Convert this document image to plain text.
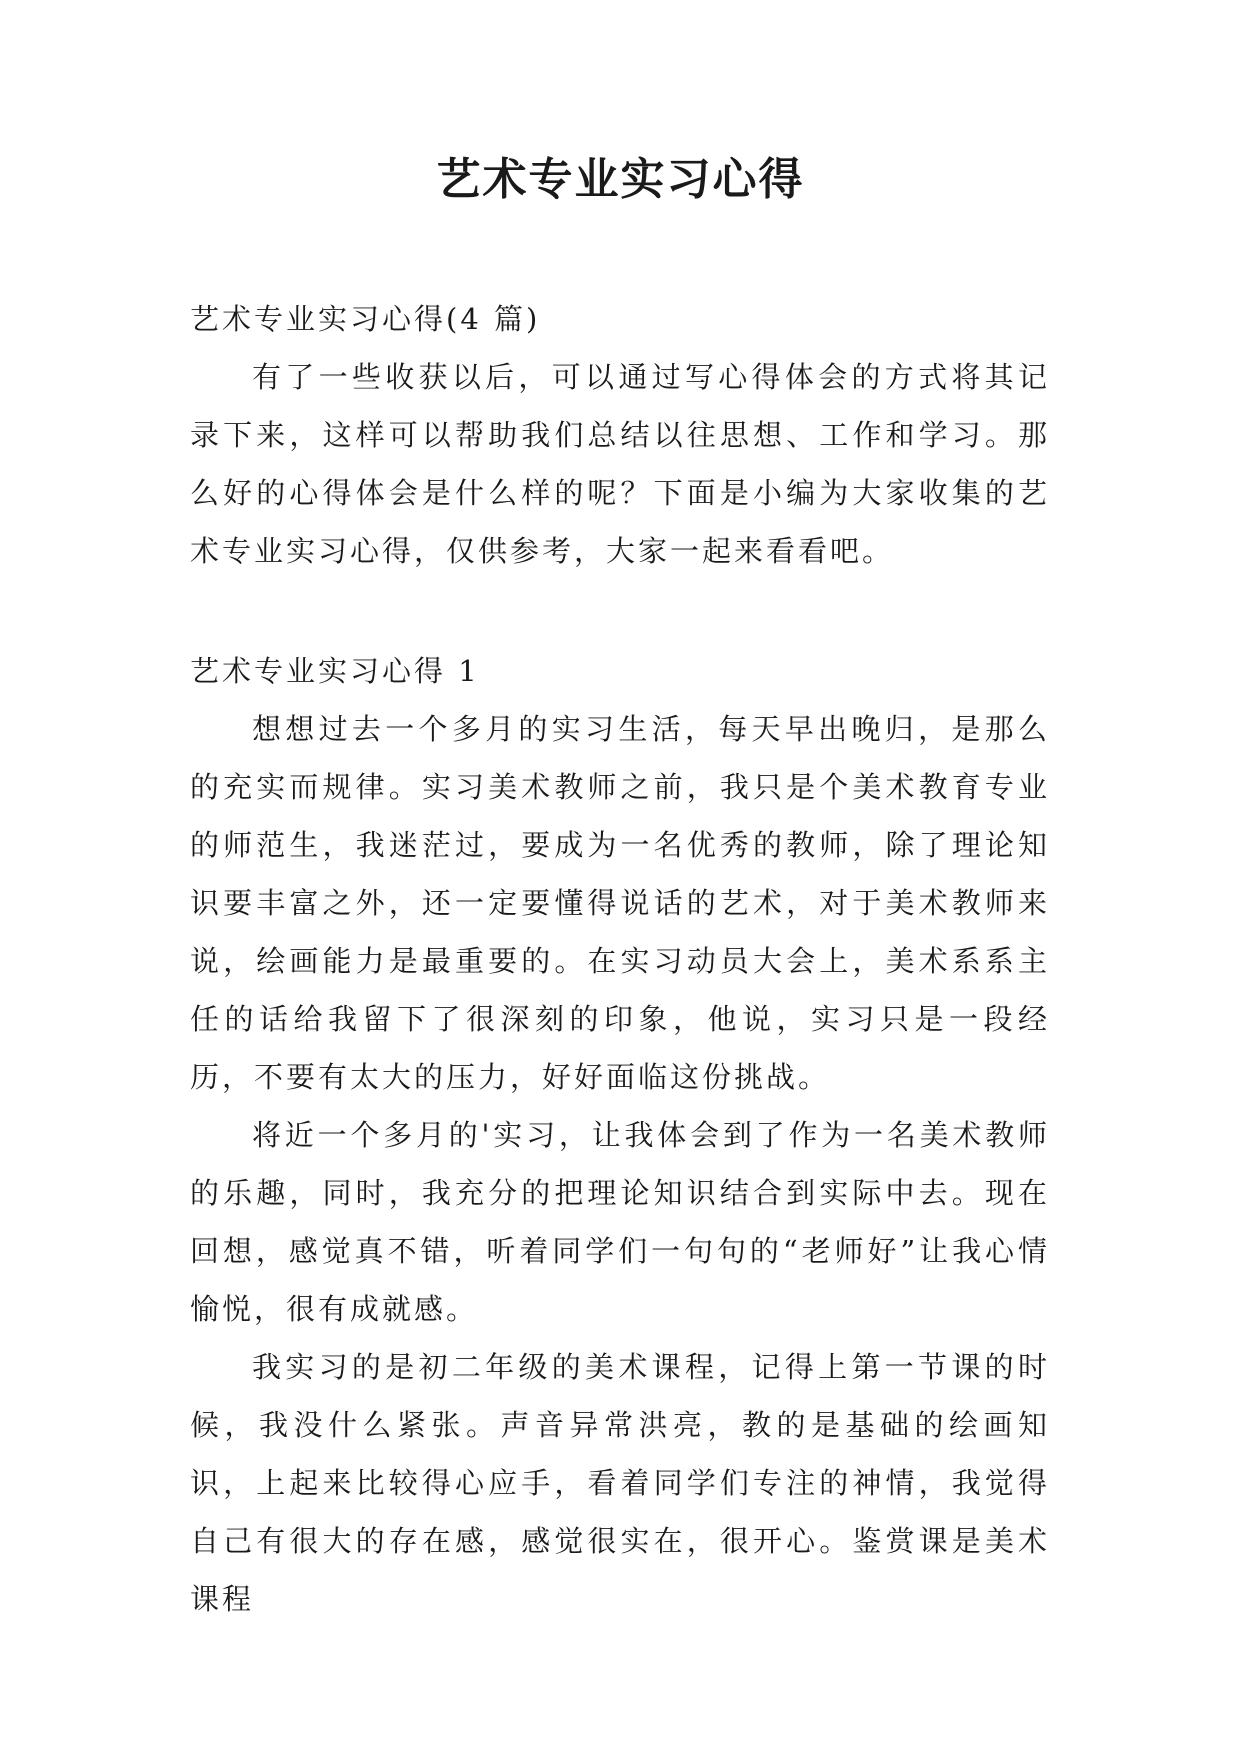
艺术专业实习心得

艺术专业实习心得(4 篇)

有了一些收获以后，可以通过写心得体会的方式将其记录下来，这样可以帮助我们总结以往思想、工作和学习。那么好的心得体会是什么样的呢？下面是小编为大家收集的艺术专业实习心得，仅供参考，大家一起来看看吧。

艺术专业实习心得 1

想想过去一个多月的实习生活，每天早出晚归，是那么的充实而规律。实习美术教师之前，我只是个美术教育专业的师范生，我迷茫过，要成为一名优秀的教师，除了理论知识要丰富之外，还一定要懂得说话的艺术，对于美术教师来说，绘画能力是最重要的。在实习动员大会上，美术系系主任的话给我留下了很深刻的印象，他说，实习只是一段经历，不要有太大的压力，好好面临这份挑战。

将近一个多月的'实习，让我体会到了作为一名美术教师的乐趣，同时，我充分的把理论知识结合到实际中去。现在回想，感觉真不错，听着同学们一句句的“老师好”让我心情愉悦，很有成就感。

我实习的是初二年级的美术课程，记得上第一节课的时候，我没什么紧张。声音异常洪亮，教的是基础的绘画知识，上起来比较得心应手，看着同学们专注的神情，我觉得自己有很大的存在感，感觉很实在，很开心。鉴赏课是美术课程
